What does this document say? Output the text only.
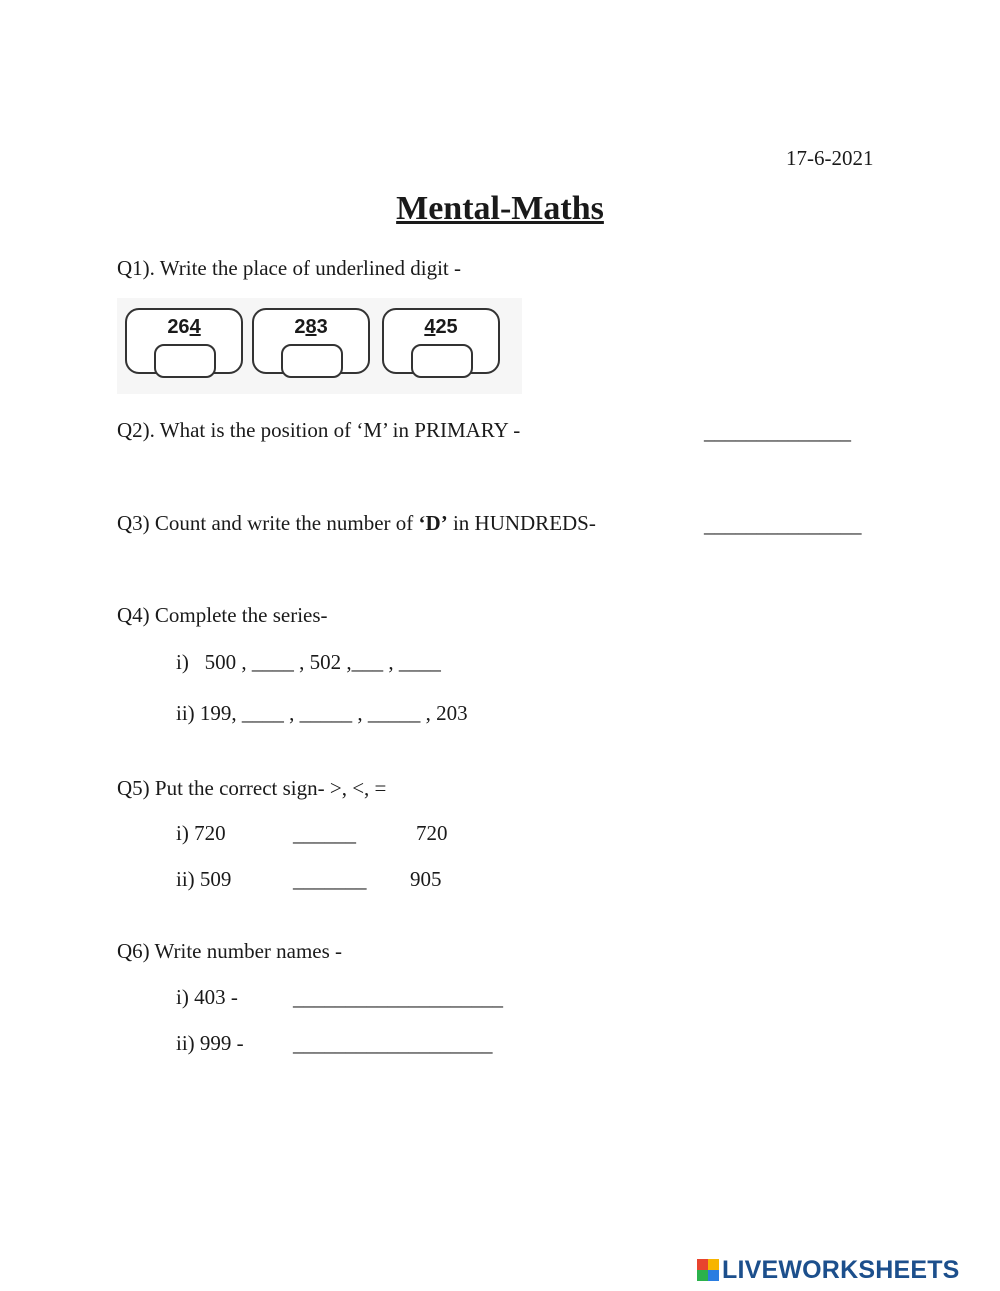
17-6-2021
Mental-Maths
Q1). Write the place of underlined digit -
264	283	425
Q2). What is the position of ‘M’ in PRIMARY -	______________
Q3) Count and write the number of ‘D’ in HUNDREDS-	_______________
Q4) Complete the series-
i)   500 , ____ , 502 ,___ , ____
ii) 199, ____ , _____ , _____ , 203
Q5) Put the correct sign- >, <, =
i) 720	______	720
ii) 509	_______ 905
Q6) Write number names -
i) 403 -	____________________
ii) 999 - ___________________
LIVEWORKSHEETS
